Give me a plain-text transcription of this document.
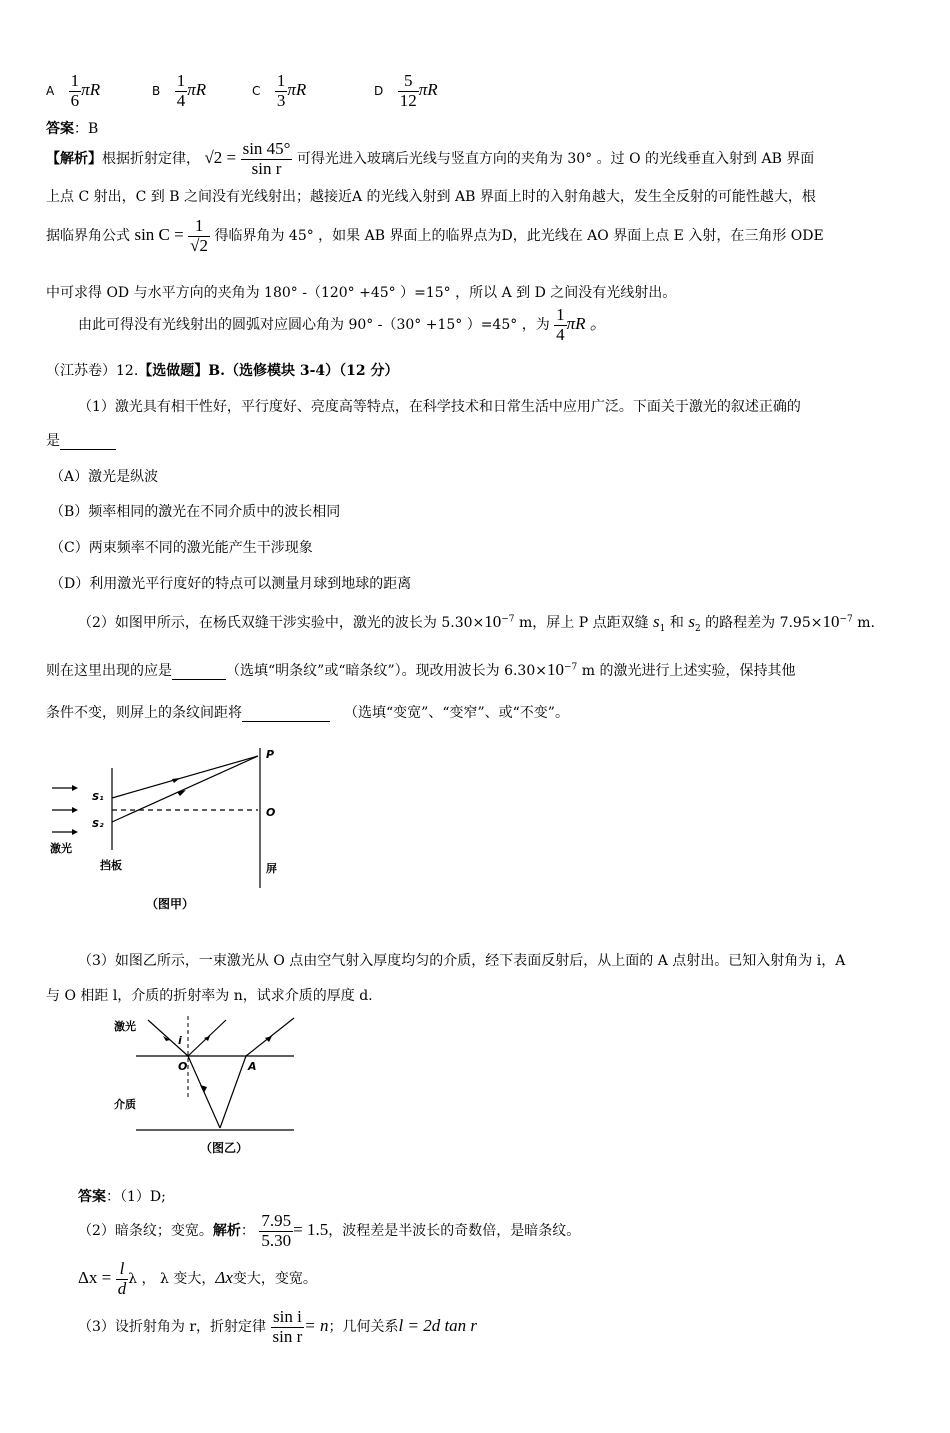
A $\frac{1}{6}$ πR	B $\frac{1}{4}$ πR	C $\frac{1}{3}$ πR	D $\frac{5}{12}$ πR
答案：B
【解析】根据折射定律， $√2 = \frac{\sin 45^\circ}{\text{sin r}}$ 可得光进入玻璃后光线与竖直方向的夹角为 30° 。过 O 的光线垂直入射到 AB 界面
上点 C 射出，C 到 B 之间没有光线射出；越接近A 的光线入射到 AB 界面上时的入射角越大，发生全反射的可能性越大，根
据临界角公式 $\sin C = \frac{1}{√2}$ 得临界角为 45° ，如果 AB 界面上的临界点为D，此光线在 AO 界面上点 E 入射，在三角形 ODE
中可求得 OD 与水平方向的夹角为 180° -（120° +45° ）=15° ，所以 A 到 D 之间没有光线射出。
由此可得没有光线射出的圆弧对应圆心角为 90° -（30° +15° ）=45° ，为 $\frac{1}{4}$ πR 。
（江苏卷）12.【选做题】B.（选修模块 3-4）（12 分）
（1）激光具有相干性好，平行度好、亮度高等特点，在科学技术和日常生活中应用广泛。下面关于激光的叙述正确的
是
（A）激光是纵波
（B）频率相同的激光在不同介质中的波长相同
（C）两束频率不同的激光能产生干涉现象
（D）利用激光平行度好的特点可以测量月球到地球的距离
（2）如图甲所示，在杨氏双缝干涉实验中，激光的波长为 $5.30\times 10^{-7}$ m，屏上 P 点距双缝 $s_1$ 和 $s_2$ 的路程差为 $7.95\times 10^{-7}$ m.
则在这里出现的应是	（选填“明条纹”或“暗条纹”）。现改用波长为 $6.30\times 10^{-7}$ m 的激光进行上述实验，保持其他
条件不变，则屏上的条纹间距将	（选填“变宽”、“变窄”、或“不变”。
P
O
S₁
S₂
激光
挡板	屏
（图甲）
（3）如图乙所示，一束激光从 O 点由空气射入厚度均匀的介质，经下表面反射后，从上面的 A 点射出。已知入射角为 i，A
与 O 相距 l，介质的折射率为 n，试求介质的厚度 d.
激光
i
O	A
介质
（图乙）
答案：（1）D;
（2）暗条纹；变宽。解析： $\frac{7.95}{5.30} = 1.5$，波程差是半波长的奇数倍，是暗条纹。
$\Delta x = \frac{l}{d}$ λ ， λ 变大，Δx变大，变宽。
（3）设折射角为 r，折射定律 $\frac{\text{sin i}}{\text{sin r}} = n$；几何关系l = 2d tan r
